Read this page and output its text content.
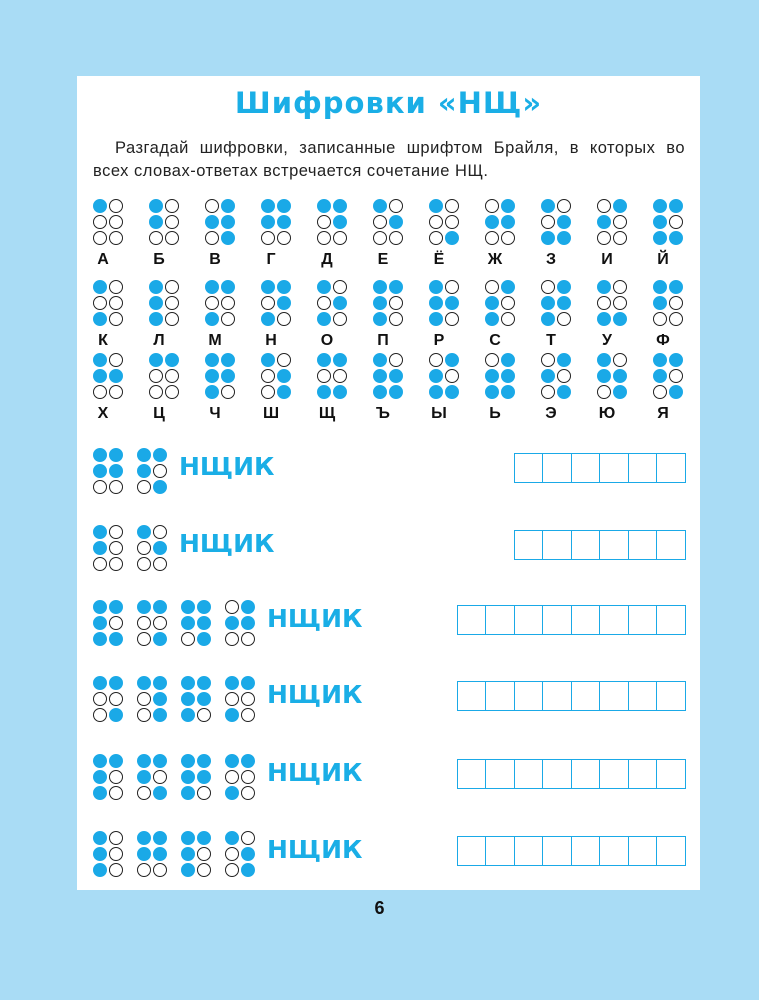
Шифровки «НЩ»
Разгадай шифровки, записанные шрифтом Брайля, в которых во всех словах-ответах встречается сочетание НЩ.
А	Б	В	Г	Д	Е	Ё	Ж	З	И	Й
К	Л	М	Н	О	П	Р	С	Т	У	Ф
Х	Ц	Ч	Ш	Щ	Ъ	Ы	Ь	Э	Ю	Я
НЩИК
НЩИК
НЩИК
НЩИК
НЩИК
НЩИК
6
